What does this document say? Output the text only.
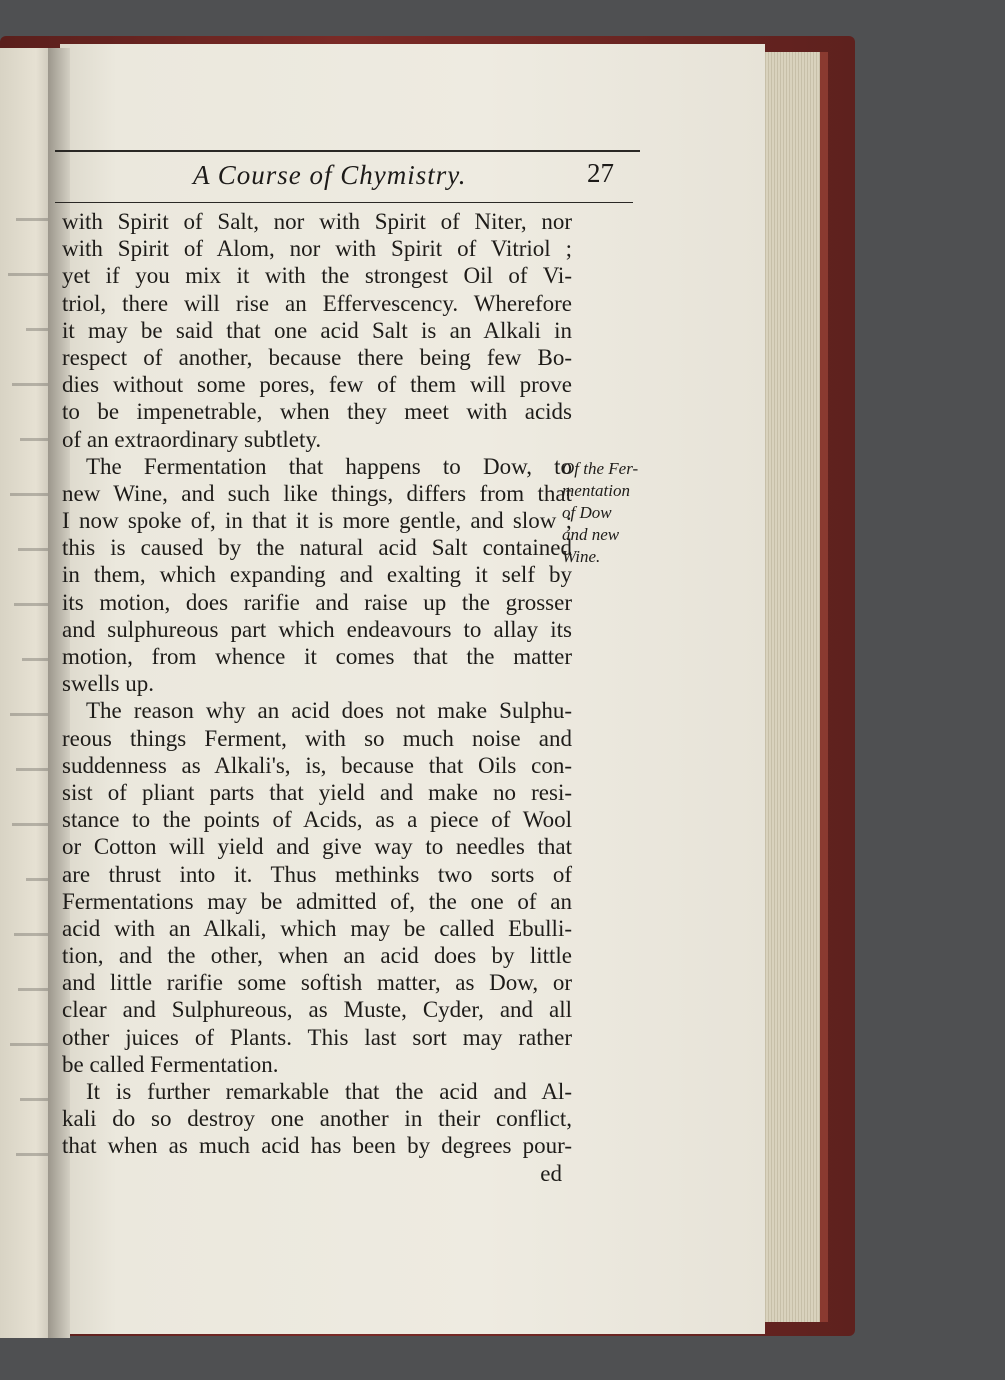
A Course of Chymistry.	27
with Spirit of Salt, nor with Spirit of Niter, nor
with Spirit of Alom, nor with Spirit of Vitriol ;
yet if you mix it with the strongest Oil of Vi-
triol, there will rise an Effervescency. Wherefore
it may be said that one acid Salt is an Alkali in
respect of another, because there being few Bo-
dies without some pores, few of them will prove
to be impenetrable, when they meet with acids
of an extraordinary subtlety.
The Fermentation that happens to Dow, to
new Wine, and such like things, differs from that
I now spoke of, in that it is more gentle, and slow ;
this is caused by the natural acid Salt contained
in them, which expanding and exalting it self by
its motion, does rarifie and raise up the grosser
and sulphureous part which endeavours to allay its
motion, from whence it comes that the matter
swells up.
The reason why an acid does not make Sulphu-
reous things Ferment, with so much noise and
suddenness as Alkali's, is, because that Oils con-
sist of pliant parts that yield and make no resi-
stance to the points of Acids, as a piece of Wool
or Cotton will yield and give way to needles that
are thrust into it. Thus methinks two sorts of
Fermentations may be admitted of, the one of an
acid with an Alkali, which may be called Ebulli-
tion, and the other, when an acid does by little
and little rarifie some softish matter, as Dow, or
clear and Sulphureous, as Muste, Cyder, and all
other juices of Plants. This last sort may rather
be called Fermentation.
It is further remarkable that the acid and Al-
kali do so destroy one another in their conflict,
that when as much acid has been by degrees pour-
ed
Of the Fer-
mentation
of Dow
and new
Wine.
